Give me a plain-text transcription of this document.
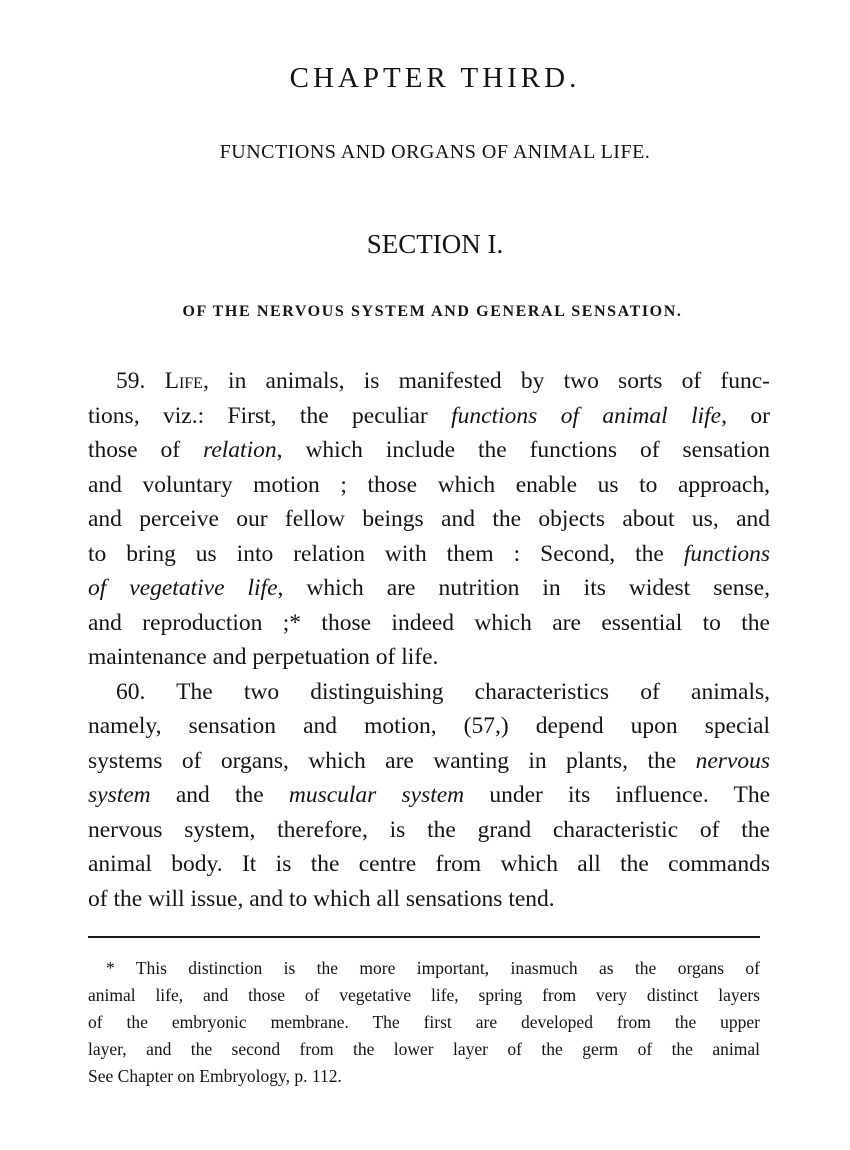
CHAPTER THIRD.
FUNCTIONS AND ORGANS OF ANIMAL LIFE.
SECTION I.
OF THE NERVOUS SYSTEM AND GENERAL SENSATION.
59. Life, in animals, is manifested by two sorts of func-
tions, viz.: First, the peculiar functions of animal life, or
those of relation, which include the functions of sensation
and voluntary motion ; those which enable us to approach,
and perceive our fellow beings and the objects about us, and
to bring us into relation with them : Second, the functions
of vegetative life, which are nutrition in its widest sense,
and reproduction ;* those indeed which are essential to the
maintenance and perpetuation of life.
60. The two distinguishing characteristics of animals,
namely, sensation and motion, (57,) depend upon special
systems of organs, which are wanting in plants, the nervous
system and the muscular system under its influence. The
nervous system, therefore, is the grand characteristic of the
animal body. It is the centre from which all the commands
of the will issue, and to which all sensations tend.
* This distinction is the more important, inasmuch as the organs of
animal life, and those of vegetative life, spring from very distinct layers
of the embryonic membrane. The first are developed from the upper
layer, and the second from the lower layer of the germ of the animal
See Chapter on Embryology, p. 112.
